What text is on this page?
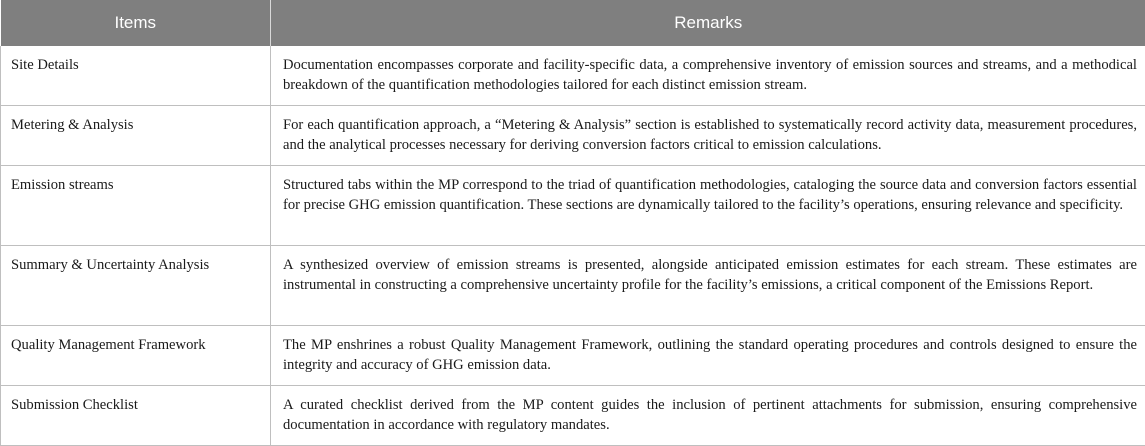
Items	Remarks
Site Details	Documentation encompasses corporate and facility-specific data, a comprehensive inventory of emission sources and streams, and a methodical breakdown of the quantification methodologies tailored for each distinct emission stream.
Metering & Analysis	For each quantification approach, a “Metering & Analysis” section is established to systematically record activity data, measurement procedures, and the analytical processes necessary for deriving conversion factors critical to emission calculations.
Emission streams	Structured tabs within the MP correspond to the triad of quantification methodologies, cataloging the source data and conversion factors essential for precise GHG emission quantification. These sections are dynamically tailored to the facility’s operations, ensuring relevance and specificity.
Summary & Uncertainty Analysis	A synthesized overview of emission streams is presented, alongside anticipated emission estimates for each stream. These estimates are instrumental in constructing a comprehensive uncertainty profile for the facility’s emissions, a critical component of the Emissions Report.
Quality Management Framework	The MP enshrines a robust Quality Management Framework, outlining the standard operating procedures and controls designed to ensure the integrity and accuracy of GHG emission data.
Submission Checklist	A curated checklist derived from the MP content guides the inclusion of pertinent attachments for submission, ensuring comprehensive documentation in accordance with regulatory mandates.
